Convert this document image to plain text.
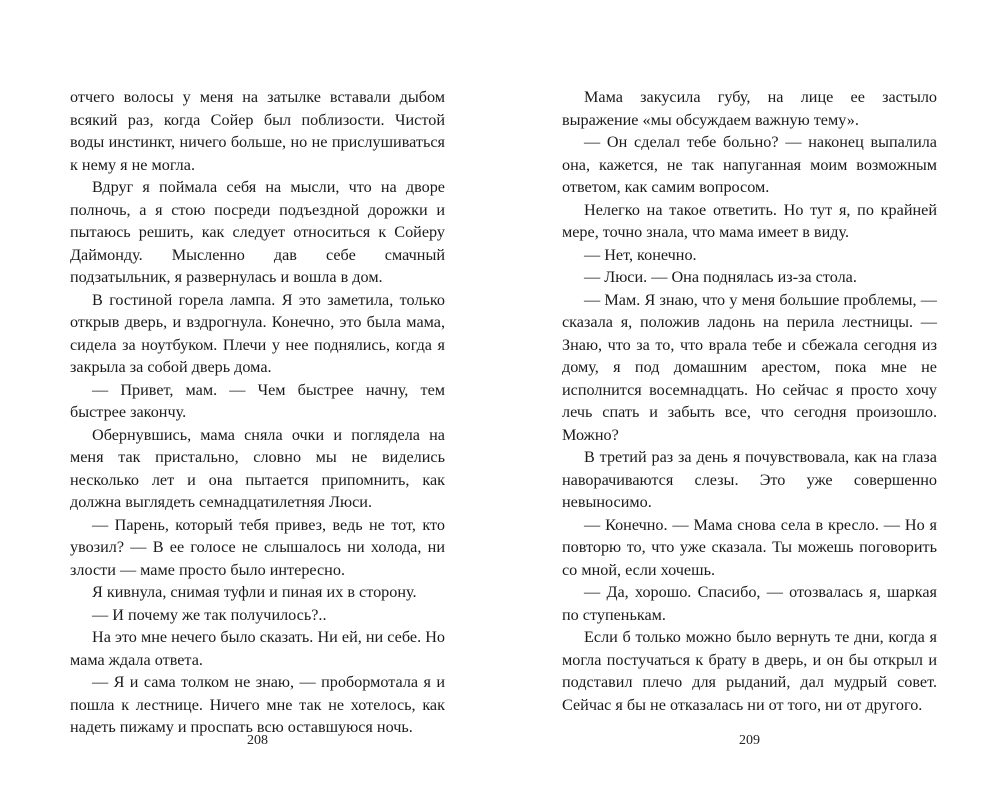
отчего волосы у меня на затылке вставали дыбом всякий раз, когда Сойер был поблизости. Чистой воды инстинкт, ничего больше, но не прислушиваться к нему я не могла.

Вдруг я поймала себя на мысли, что на дворе полночь, а я стою посреди подъездной дорожки и пытаюсь решить, как следует относиться к Сойеру Даймонду. Мысленно дав себе смачный подзатыльник, я развернулась и вошла в дом.

В гостиной горела лампа. Я это заметила, только открыв дверь, и вздрогнула. Конечно, это была мама, сидела за ноутбуком. Плечи у нее поднялись, когда я закрыла за собой дверь дома.

— Привет, мам. — Чем быстрее начну, тем быстрее закончу.

Обернувшись, мама сняла очки и поглядела на меня так пристально, словно мы не виделись несколько лет и она пытается припомнить, как должна выглядеть семнадцатилетняя Люси.

— Парень, который тебя привез, ведь не тот, кто увозил? — В ее голосе не слышалось ни холода, ни злости — маме просто было интересно.

Я кивнула, снимая туфли и пиная их в сторону.

— И почему же так получилось?..

На это мне нечего было сказать. Ни ей, ни себе. Но мама ждала ответа.

— Я и сама толком не знаю, — пробормотала я и пошла к лестнице. Ничего мне так не хотелось, как надеть пижаму и проспать всю оставшуюся ночь.

Мама закусила губу, на лице ее застыло выражение «мы обсуждаем важную тему».

— Он сделал тебе больно? — наконец выпалила она, кажется, не так напуганная моим возможным ответом, как самим вопросом.

Нелегко на такое ответить. Но тут я, по крайней мере, точно знала, что мама имеет в виду.

— Нет, конечно.

— Люси. — Она поднялась из-за стола.

— Мам. Я знаю, что у меня большие проблемы, — сказала я, положив ладонь на перила лестницы. — Знаю, что за то, что врала тебе и сбежала сегодня из дому, я под домашним арестом, пока мне не исполнится восемнадцать. Но сейчас я просто хочу лечь спать и забыть все, что сегодня произошло. Можно?

В третий раз за день я почувствовала, как на глаза наворачиваются слезы. Это уже совершенно невыносимо.

— Конечно. — Мама снова села в кресло. — Но я повторю то, что уже сказала. Ты можешь поговорить со мной, если хочешь.

— Да, хорошо. Спасибо, — отозвалась я, шаркая по ступенькам.

Если б только можно было вернуть те дни, когда я могла постучаться к брату в дверь, и он бы открыл и подставил плечо для рыданий, дал мудрый совет. Сейчас я бы не отказалась ни от того, ни от другого.

208	209
